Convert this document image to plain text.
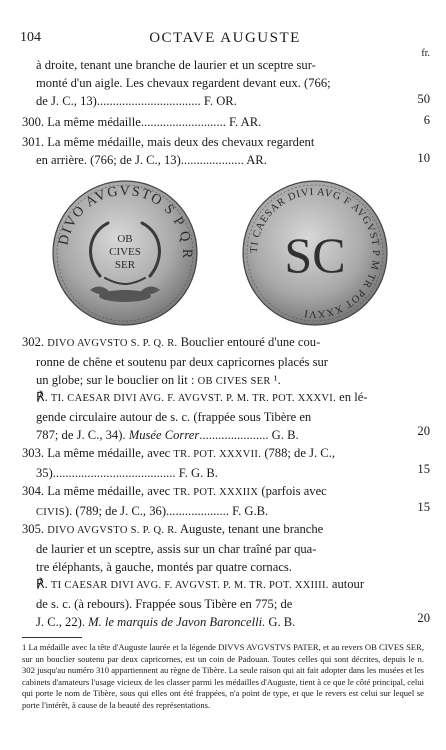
104	OCTAVE AUGUSTE
fr.
à droite, tenant une branche de laurier et un sceptre sur-
monté d'un aigle. Les chevaux regardent devant eux. (766;
de J. C., 13)................................. F. OR.	50
300. La même médaille........................... F. AR.	6
301. La même médaille, mais deux des chevaux regardent
en arrière. (766; de J. C., 13).................... AR.	10
DIVO AVGVSTO S P Q R
OB
CIVES
SER
TI CAESAR DIVI AVG F AVGVST P M TR POT XXXVI
SC
302. DIVO AVGVSTO S. P. Q. R. Bouclier entouré d'une cou-
ronne de chêne et soutenu par deux capricornes placés sur
un globe; sur le bouclier on lit : OB CIVES SER ¹.
℟. TI. CAESAR DIVI AVG. F. AVGVST. P. M. TR. POT. XXXVI. en lé-
gende circulaire autour de s. c. (frappée sous Tibère en
787; de J. C., 34). Musée Correr...................... G. B.	20
303. La même médaille, avec TR. POT. XXXVII. (788; de J. C.,
35)....................................... F. G. B.	15
304. La même médaille, avec TR. POT. XXXIIX (parfois avec
CIVIS). (789; de J. C., 36).................... F. G.B.	15
305. DIVO AVGVSTO S. P. Q. R. Auguste, tenant une branche
de laurier et un sceptre, assis sur un char traîné par qua-
tre éléphants, à gauche, montés par quatre cornacs.
℟. TI CAESAR DIVI AVG. F. AVGVST. P. M. TR. POT. XXIIII. autour
de s. c. (à rebours). Frappée sous Tibère en 775; de
J. C., 22). M. le marquis de Javon Baroncelli. G. B.	20
1 La médaille avec la tête d'Auguste laurée et la légende DIVVS AVGVSTVS PATER, et au revers OB CIVES SER, sur un bouclier soutenu par deux capricornes, est un coin de Padouan. Toutes celles qui sont décrites, depuis le n. 302 jusqu'au numéro 310 appartiennent au règne de Tibère. La seule raison qui ait fait adopter dans les musées et les cabinets d'amateurs l'usage vicieux de les classer parmi les médailles d'Auguste, tient à ce que le côté principal, celui qui porte le nom de Tibère, sous qui elles ont été frappées, n'a point de type, et que le revers est celui sur lequel se porte l'intérêt, à cause de la beauté des représentations.
